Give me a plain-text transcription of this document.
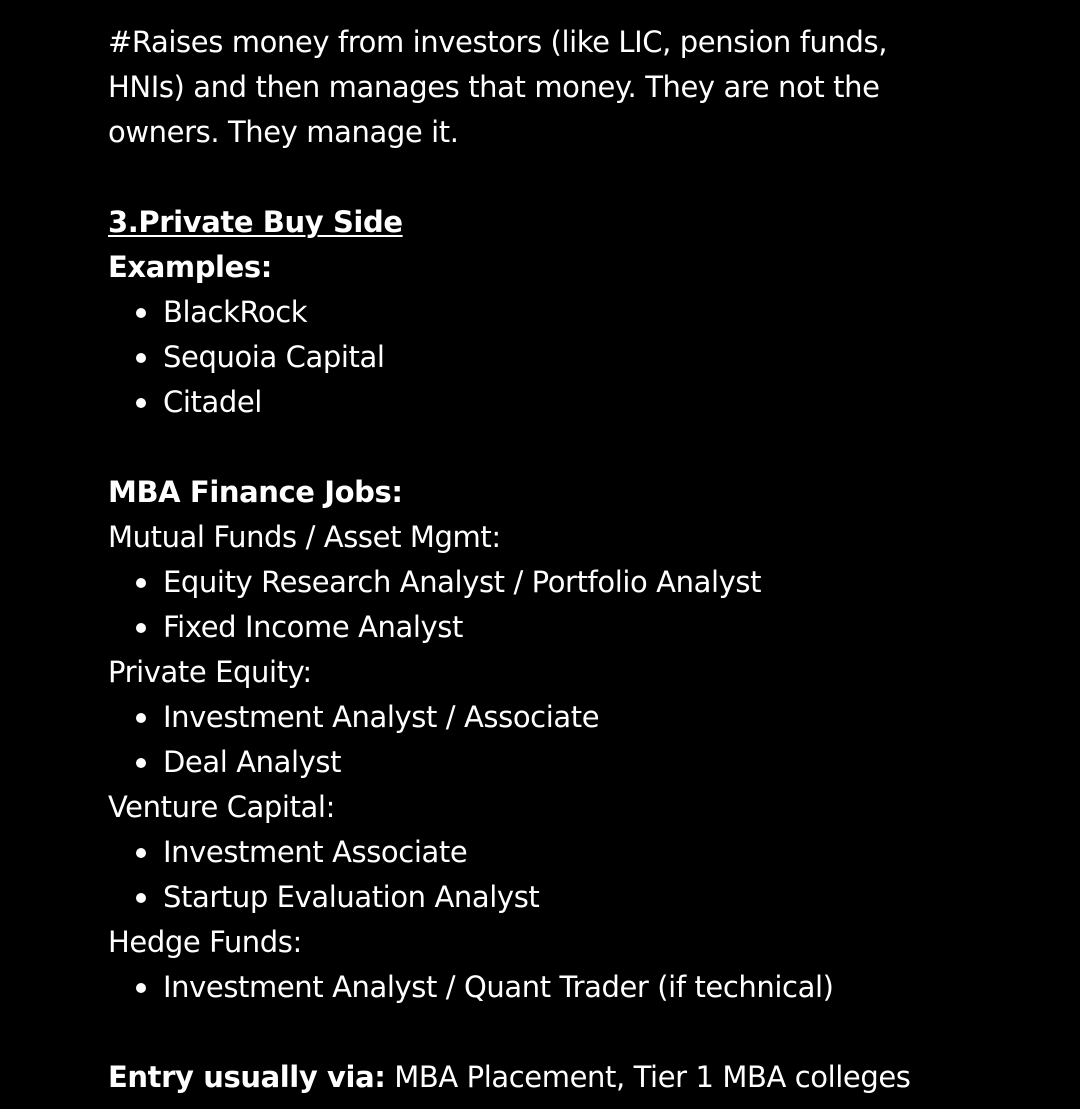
#Raises money from investors (like LIC, pension funds,
HNIs) and then manages that money. They are not the
owners. They manage it.
3.Private Buy Side
Examples:
BlackRock
Sequoia Capital
Citadel
MBA Finance Jobs:
Mutual Funds / Asset Mgmt:
Equity Research Analyst / Portfolio Analyst
Fixed Income Analyst
Private Equity:
Investment Analyst / Associate
Deal Analyst
Venture Capital:
Investment Associate
Startup Evaluation Analyst
Hedge Funds:
Investment Analyst / Quant Trader (if technical)
Entry usually via: MBA Placement, Tier 1 MBA colleges
